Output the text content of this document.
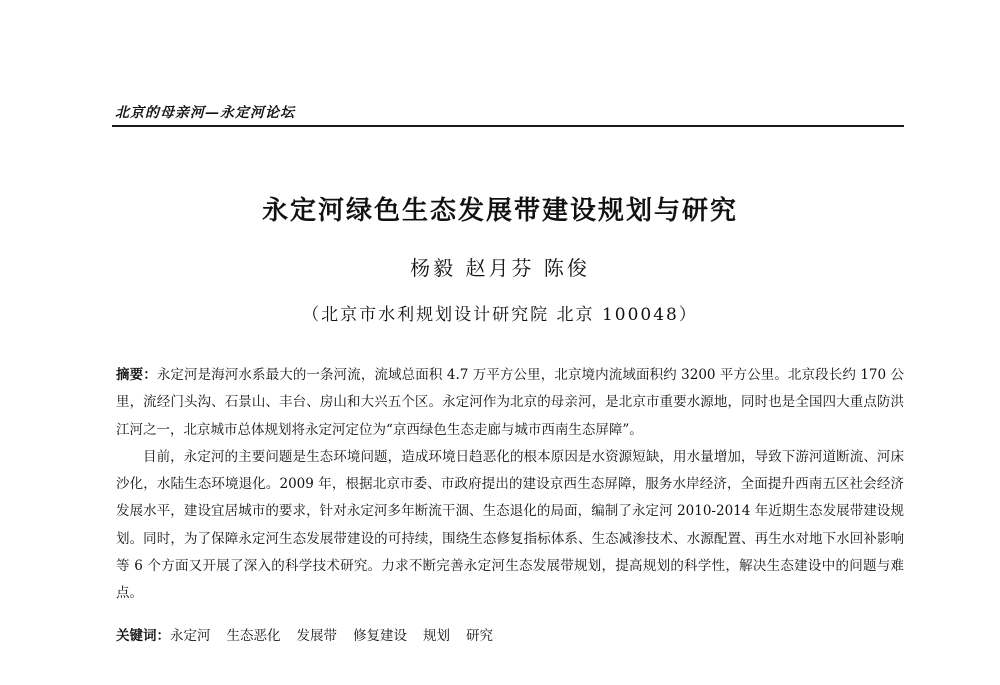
北京的母亲河—永定河论坛
永定河绿色生态发展带建设规划与研究
杨毅 赵月芬 陈俊
（北京市水利规划设计研究院 北京 100048）

摘要：永定河是海河水系最大的一条河流，流域总面积 4.7 万平方公里，北京境内流域面积约 3200 平方公里。北京段长约 170 公里，流经门头沟、石景山、丰台、房山和大兴五个区。永定河作为北京的母亲河，是北京市重要水源地，同时也是全国四大重点防洪江河之一，北京城市总体规划将永定河定位为“京西绿色生态走廊与城市西南生态屏障”。

目前，永定河的主要问题是生态环境问题，造成环境日趋恶化的根本原因是水资源短缺，用水量增加，导致下游河道断流、河床沙化，水陆生态环境退化。2009 年，根据北京市委、市政府提出的建设京西生态屏障，服务水岸经济，全面提升西南五区社会经济发展水平，建设宜居城市的要求，针对永定河多年断流干涸、生态退化的局面，编制了永定河 2010-2014 年近期生态发展带建设规划。同时，为了保障永定河生态发展带建设的可持续，围绕生态修复指标体系、生态减渗技术、水源配置、再生水对地下水回补影响等 6 个方面又开展了深入的科学技术研究。力求不断完善永定河生态发展带规划，提高规划的科学性，解决生态建设中的问题与难点。

关键词：永定河 生态恶化 发展带 修复建设 规划 研究
